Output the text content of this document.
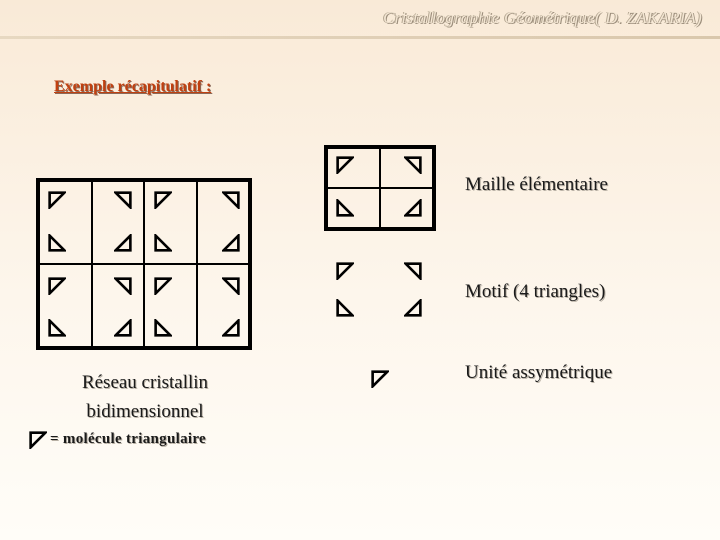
Cristallographie Géométrique( D. ZAKARIA)
Exemple récapitulatif :
Maille élémentaire
Motif (4 triangles)
Unité assymétrique
Réseau cristallin
bidimensionnel
= molécule triangulaire
